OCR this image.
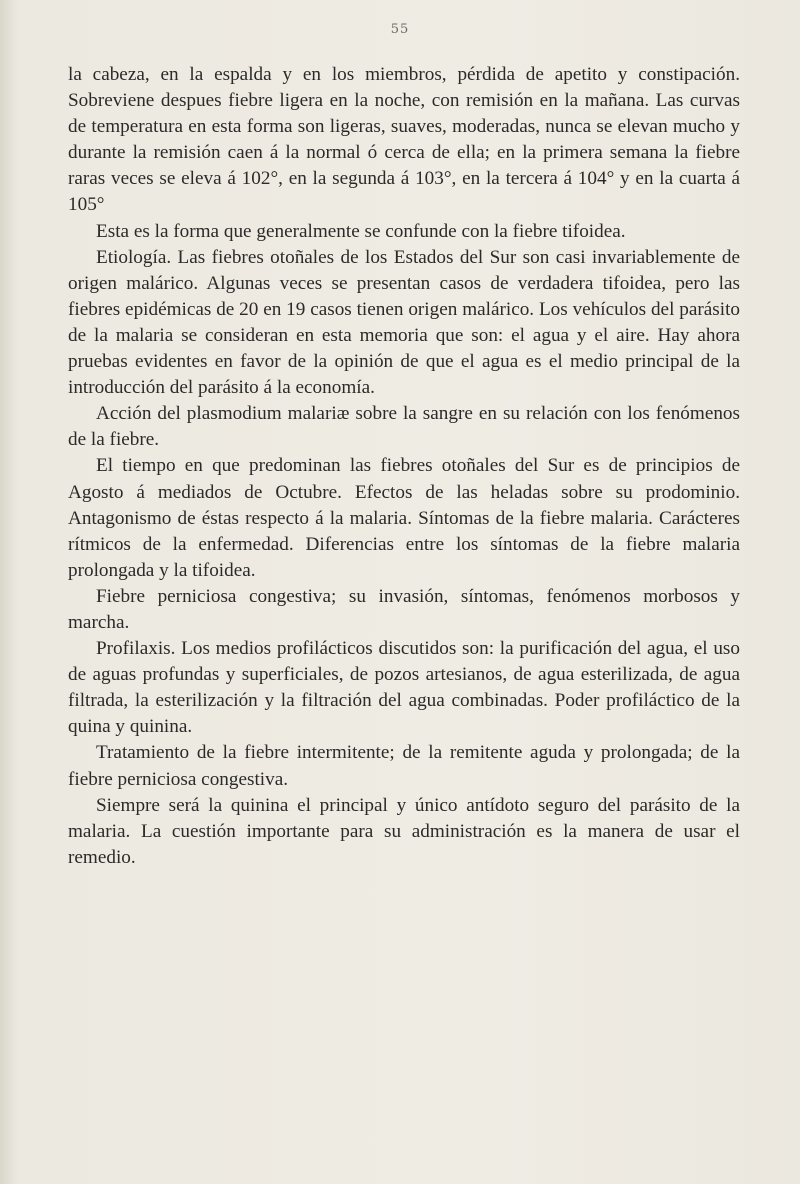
55

la cabeza, en la espalda y en los miembros, pérdida de apetito y constipación. Sobreviene despues fiebre ligera en la noche, con remisión en la mañana. Las curvas de temperatura en esta forma son ligeras, suaves, moderadas, nunca se elevan mucho y durante la remisión caen á la normal ó cerca de ella; en la primera semana la fiebre raras veces se eleva á 102°, en la segunda á 103°, en la tercera á 104° y en la cuarta á 105°

Esta es la forma que generalmente se confunde con la fiebre tifoidea.

Etiología. Las fiebres otoñales de los Estados del Sur son casi invariablemente de origen malárico. Algunas veces se presentan casos de verdadera tifoidea, pero las fiebres epidémicas de 20 en 19 casos tienen origen malárico. Los vehículos del parásito de la malaria se consideran en esta memoria que son: el agua y el aire. Hay ahora pruebas evidentes en favor de la opinión de que el agua es el medio principal de la introducción del parásito á la economía.

Acción del plasmodium malariæ sobre la sangre en su relación con los fenómenos de la fiebre.

El tiempo en que predominan las fiebres otoñales del Sur es de principios de Agosto á mediados de Octubre. Efectos de las heladas sobre su prodominio. Antagonismo de éstas respecto á la malaria. Síntomas de la fiebre malaria. Carácteres rítmicos de la enfermedad. Diferencias entre los síntomas de la fiebre malaria prolongada y la tifoidea.

Fiebre perniciosa congestiva; su invasión, síntomas, fenómenos morbosos y marcha.

Profilaxis. Los medios profilácticos discutidos son: la purificación del agua, el uso de aguas profundas y superficiales, de pozos artesianos, de agua esterilizada, de agua filtrada, la esterilización y la filtración del agua combinadas. Poder profiláctico de la quina y quinina.

Tratamiento de la fiebre intermitente; de la remitente aguda y prolongada; de la fiebre perniciosa congestiva.

Siempre será la quinina el principal y único antídoto seguro del parásito de la malaria. La cuestión importante para su administración es la manera de usar el remedio.
